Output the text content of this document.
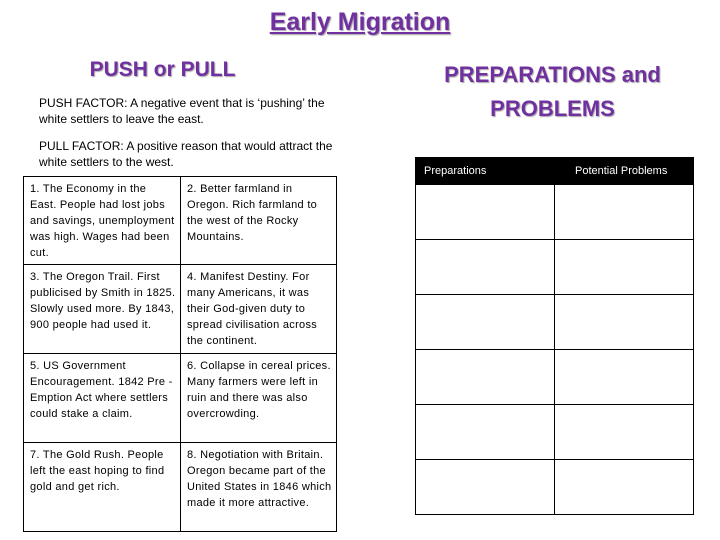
Early Migration
PUSH or PULL
PUSH FACTOR: A negative event that is ‘pushing’ the white settlers to leave the east.
PULL FACTOR: A positive reason that would attract the white settlers to the west.
1. The Economy in the East. People had lost jobs and savings, unemployment was high. Wages had been cut.	2. Better farmland in Oregon. Rich farmland to the west of the Rocky Mountains.
3. The Oregon Trail. First publicised by Smith in 1825. Slowly used more. By 1843, 900 people had used it.	4. Manifest Destiny. For many Americans, it was their God-given duty to spread civilisation across the continent.
5. US Government Encouragement. 1842 Pre -Emption Act where settlers could stake a claim.	6. Collapse in cereal prices. Many farmers were left in ruin and there was also overcrowding.
7. The Gold Rush. People left the east hoping to find gold and get rich.	8. Negotiation with Britain. Oregon became part of the United States in 1846 which made it more attractive.
PREPARATIONS and PROBLEMS
Preparations	Potential Problems
